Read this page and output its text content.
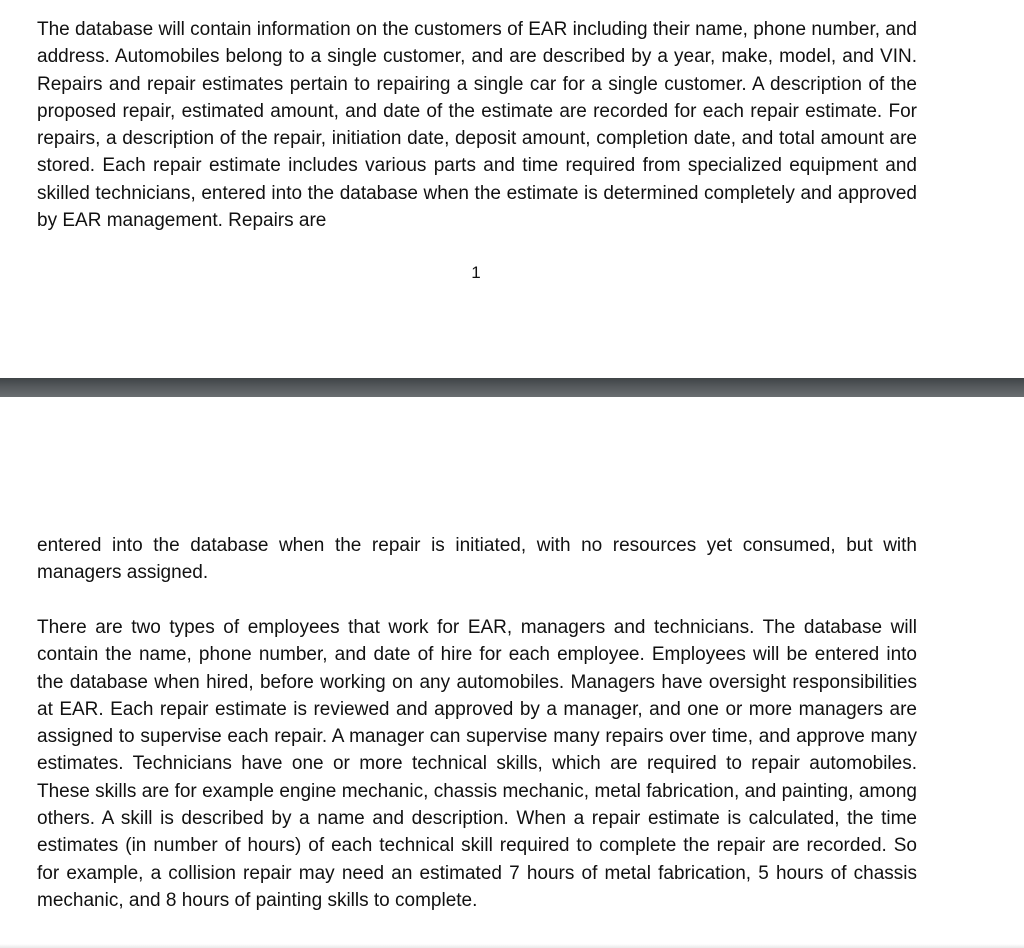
The database will contain information on the customers of EAR including their name, phone number, and address. Automobiles belong to a single customer, and are described by a year, make, model, and VIN. Repairs and repair estimates pertain to repairing a single car for a single customer. A description of the proposed repair, estimated amount, and date of the estimate are recorded for each repair estimate. For repairs, a description of the repair, initiation date, deposit amount, completion date, and total amount are stored. Each repair estimate includes various parts and time required from specialized equipment and skilled technicians, entered into the database when the estimate is determined completely and approved by EAR management. Repairs are

1

entered into the database when the repair is initiated, with no resources yet consumed, but with managers assigned.

There are two types of employees that work for EAR, managers and technicians. The database will contain the name, phone number, and date of hire for each employee. Employees will be entered into the database when hired, before working on any automobiles. Managers have oversight responsibilities at EAR. Each repair estimate is reviewed and approved by a manager, and one or more managers are assigned to supervise each repair. A manager can supervise many repairs over time, and approve many estimates. Technicians have one or more technical skills, which are required to repair automobiles. These skills are for example engine mechanic, chassis mechanic, metal fabrication, and painting, among others. A skill is described by a name and description. When a repair estimate is calculated, the time estimates (in number of hours) of each technical skill required to complete the repair are recorded. So for example, a collision repair may need an estimated 7 hours of metal fabrication, 5 hours of chassis mechanic, and 8 hours of painting skills to complete.
